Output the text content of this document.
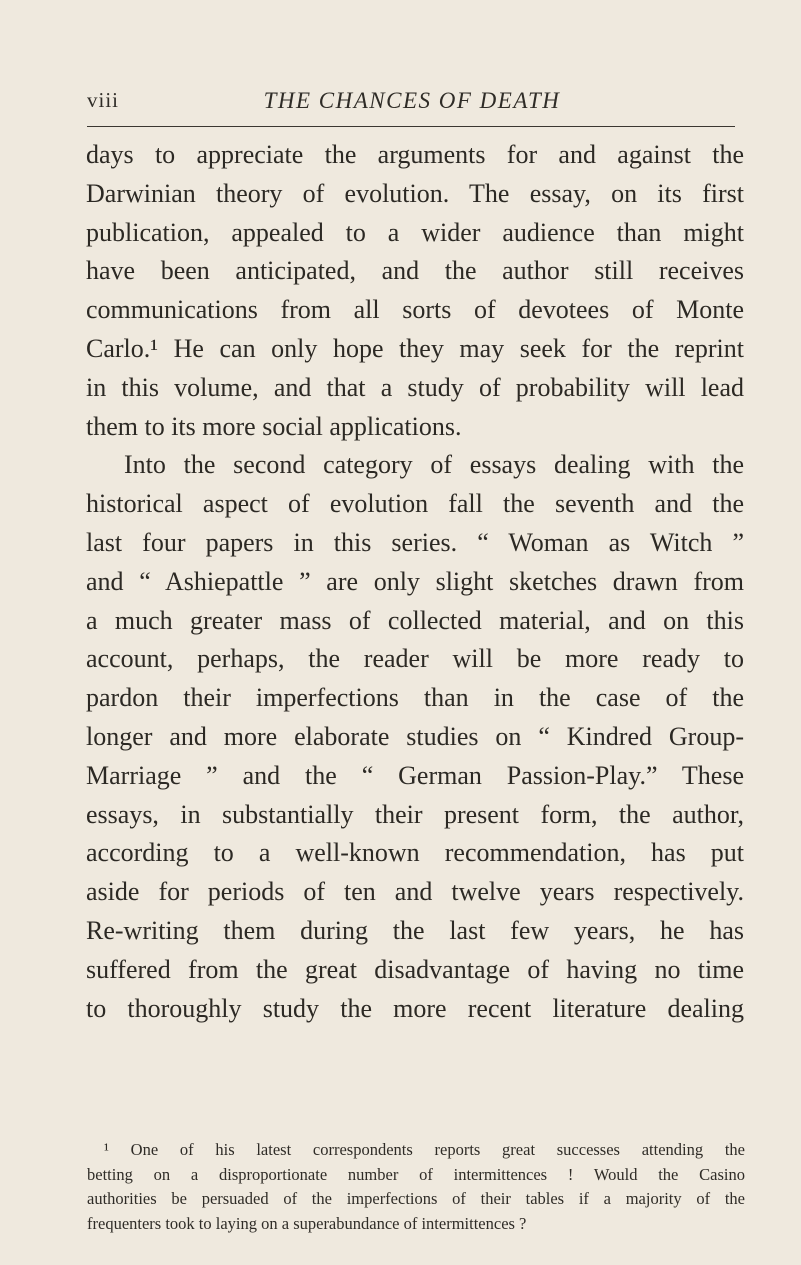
viii	THE CHANCES OF DEATH
days to appreciate the arguments for and against the
Darwinian theory of evolution. The essay, on its first
publication, appealed to a wider audience than might
have been anticipated, and the author still receives
communications from all sorts of devotees of Monte
Carlo.¹ He can only hope they may seek for the reprint
in this volume, and that a study of probability will lead
them to its more social applications.
Into the second category of essays dealing with the
historical aspect of evolution fall the seventh and the
last four papers in this series. “ Woman as Witch ”
and “ Ashiepattle ” are only slight sketches drawn from
a much greater mass of collected material, and on this
account, perhaps, the reader will be more ready to
pardon their imperfections than in the case of the
longer and more elaborate studies on “ Kindred Group-
Marriage ” and the “ German Passion-Play.” These
essays, in substantially their present form, the author,
according to a well-known recommendation, has put
aside for periods of ten and twelve years respectively.
Re-writing them during the last few years, he has
suffered from the great disadvantage of having no time
to thoroughly study the more recent literature dealing
¹ One of his latest correspondents reports great successes attending the
betting on a disproportionate number of intermittences ! Would the Casino
authorities be persuaded of the imperfections of their tables if a majority of the
frequenters took to laying on a superabundance of intermittences ?
